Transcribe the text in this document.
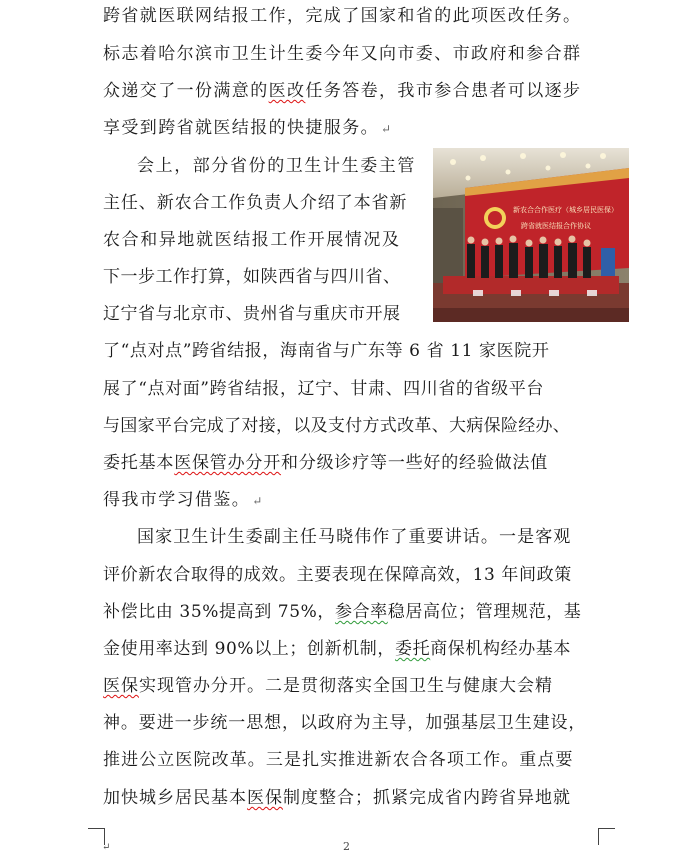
跨省就医联网结报工作，完成了国家和省的此项医改任务。
标志着哈尔滨市卫生计生委今年又向市委、市政府和参合群
众递交了一份满意的医改任务答卷，我市参合患者可以逐步
享受到跨省就医结报的快捷服务。 ↵
会上，部分省份的卫生计生委主管
主任、新农合工作负责人介绍了本省新
农合和异地就医结报工作开展情况及
下一步工作打算，如陕西省与四川省、
辽宁省与北京市、贵州省与重庆市开展
了“点对点”跨省结报，海南省与广东等 6 省 11 家医院开
展了“点对面”跨省结报，辽宁、甘肃、四川省的省级平台
与国家平台完成了对接，以及支付方式改革、大病保险经办、
委托基本医保管办分开和分级诊疗等一些好的经验做法值
得我市学习借鉴。 ↵
国家卫生计生委副主任马晓伟作了重要讲话。一是客观
评价新农合取得的成效。主要表现在保障高效，13 年间政策
补偿比由 35%提高到 75%，参合率稳居高位；管理规范，基
金使用率达到 90%以上；创新机制，委托商保机构经办基本
医保实现管办分开。二是贯彻落实全国卫生与健康大会精
神。要进一步统一思想，以政府为主导，加强基层卫生建设，
推进公立医院改革。三是扎实推进新农合各项工作。重点要
加快城乡居民基本医保制度整合；抓紧完成省内跨省异地就
新农合合作医疗（城乡居民医保）
跨省就医结报合作协议
↵	2
